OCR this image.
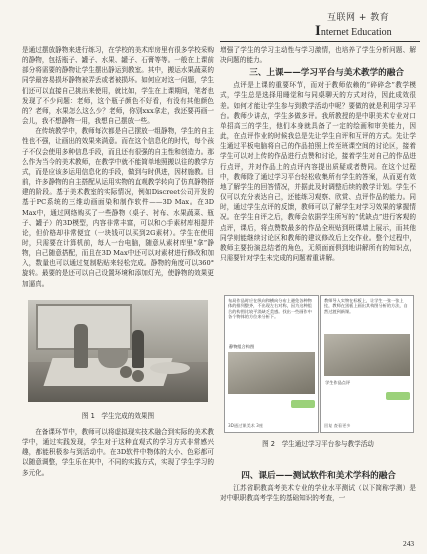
互联网 + 教育
Internet Education

是通过摆放静物来进行练习，在学校的美术库房里有很多学校采购的静物，包括瓶子、罐子、水果、罐子、石膏等等。一般在上课前部分将需要的静物让学生摆出静运到教室。其中，搬运水果蔬菜的同学最容易损坏静物被弄丢或者被损坏。如何应对这一问题，学生们还可以直接自己挑出来使用，就比如，学生在上课期间，笔者也发现了不少问题：老师，这个瓶子颜色不好看，有没有其他颜色的？老师，水果怎么这么少？老师，你别xxx拿走，我还要再画一会儿，我不想静物一用，我想自己摆放一些。

在传统教学中，教师每次都是自己摆放一组静物，学生的自主性也不强，让画出的效果来满意。而在这个信息化的时代，每个孩子不仅会使用多种信息手段，而且还有很强的自主性和创造力。那么作为当今的美术教师，在教学中就不能简单地照搬以往的教学方式，而是应该多运用信息化的手段，做到与时俱进，因材施教。目前，许多静物的自主搭配从运用实物的直观教学转向了仿真静物搭建的阶段。基于美术教室的实际情况，例如Discreet公司开发的基于PC系统的三维动画面染和制作软件——3D Max。在3D Max中，通过网络购买了一些静物（桌子、衬布、水果蔬菜、瓶子、罐子）的3D模型，内容非常丰富，可以和○手素材库相提并论，但价格却非常便宜（一块钱可以买到2G素材）。学生在使用时，只需要在计算机前，每人一台电脑，随意从素材库里“拿”静物，自己随意搭配，而且在3D Max中还可以对素材进行修改和加入，数量也可以通过复制粘贴来轻松完成。静物的角度可以360°旋转。最要的是还可以自己设置环境和添加灯光，使静物的效果更加逼真。

图 1　学生完成的效果图

在备课环节中，教师可以将虚拟现实技术融合到实际的美术教学中，通过实践发现，学生对于这种直观式的学习方式非常感兴趣，都能积极参与到活动中。在3D软件中物体的大小、色彩都可以随意调整，学生乐在其中，不同的实践方式，实现了学生学习的多元化。

增强了学生的学习主动性与学习激情，也培养了学生分析问题、解决问题的能力。

三、上课——学习平台与美术教学的融合

点评是上课的重要环节，而对于教师依赖的“碎碎念”教学模式，学生总是选择用睡觉和与同桌聊天的方式对待，因此成效很差。如何才能让学生参与到教学活动中呢？要做的就是利用学习平台。教师少讲点，学生多做多评。我所教授的是中职美术专业对口单招高三的学生，他们本身就具备了一定的绘画和审美能力，因此，在点评作业的时候我总是先让学生自评和互评的方式。先让学生通过平板电脑将自己的作品拍照上传至班课空间的讨论区，接着学生可以对上传的作品进行点赞和讨论，接着学生对自己的作品进行点评，并对作品上的点评内容提出质疑或者赞同。在这个过程中，教师除了通过学习平台轻松收集所有学生的答案，从而更有效地了解学生的回答情况，并据此及时调整后续的教学计划。学生不仅可以充分表达自己，还能练习观察、欣赏、点评作品的能力。同时，通过学生点评的反馈，教师可以了解学生对学习效果的掌握情况。在学生自评之后，教师会依据学生所写的“优缺点”进行客观的点评，课后，将点赞数最多的作品全班贴到班课墙上展示，而其他同学则能继续讨论区和教师的建议修改后上交作业。整个过程中，教师主要扮演总结者的角色，无须面面俱到地讲解所有的知识点，只需要针对学生未完成的问题着重讲解。

布局作品时应在纵向和横向分布上避免各种物体的排列整齐，不出现左右对称，因为这种组合的构图比较平淡缺乏美感。找出一些画作中各个物体的方位来分析下。
静物组合构图
3D通过课美术 3座
教师导入实物在标板上，让学生一张一张上挂，教师在黑板上画出其构图分析的方法，自然过渡到新课。
学生作品点评
回复 查看更多
图 2　学生通过学习平台参与教学活动

四、课后——测试软件和美术学科的融合

江苏省职教高考美术专业的学业水平测试（以下简称学测）是对中职职教高考学生的基础知识的考查，一

243
